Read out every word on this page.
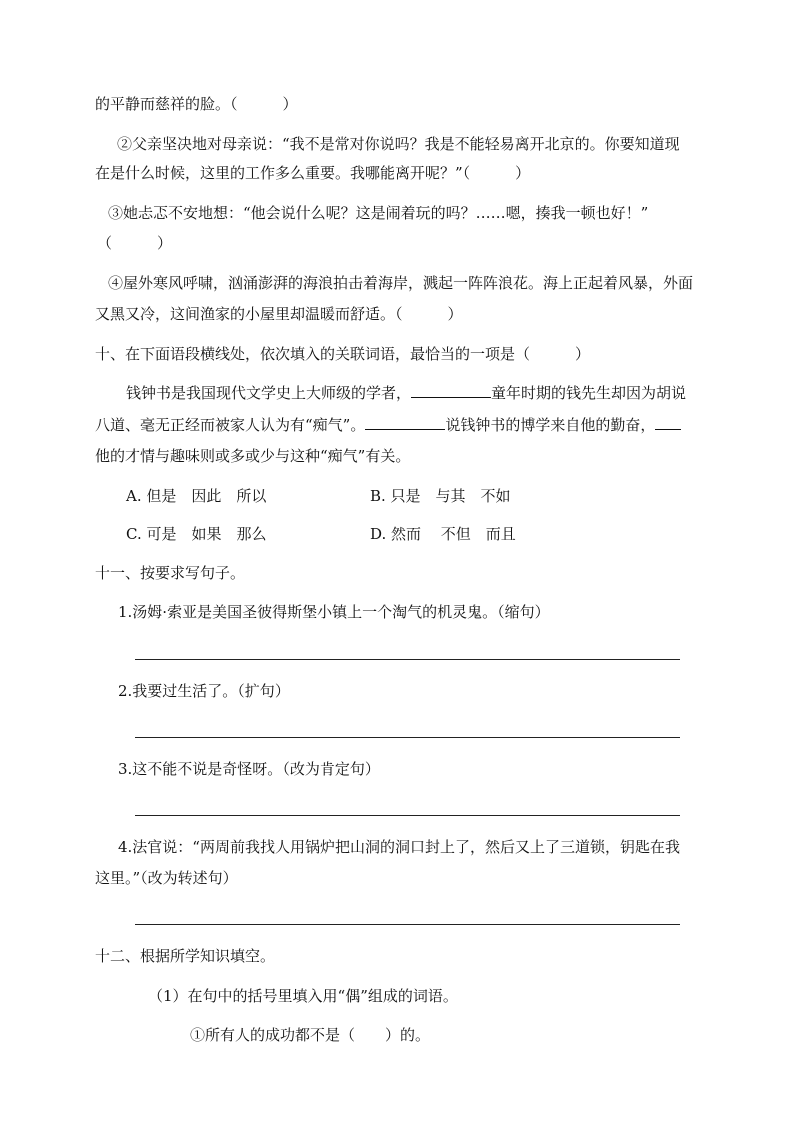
的平静而慈祥的脸。（　　　）
②父亲坚决地对母亲说：“我不是常对你说吗？我是不能轻易离开北京的。你要知道现
在是什么时候，这里的工作多么重要。我哪能离开呢？”（　　　）
③她忐忑不安地想：“他会说什么呢？这是闹着玩的吗？……嗯，揍我一顿也好！”
（　　　）
④屋外寒风呼啸，汹涌澎湃的海浪拍击着海岸，溅起一阵阵浪花。海上正起着风暴，外面
又黑又冷，这间渔家的小屋里却温暖而舒适。（　　　）
十、在下面语段横线处，依次填入的关联词语，最恰当的一项是（　　　）
钱钟书是我国现代文学史上大师级的学者，	童年时期的钱先生却因为胡说
八道、毫无正经而被家人认为有“痴气”。	说钱钟书的博学来自他的勤奋，
他的才情与趣味则或多或少与这种“痴气”有关。
A. 但是　因此　所以	B. 只是　与其　不如
C. 可是　如果　那么	D. 然而　 不但　而且
十一、按要求写句子。
1.汤姆·索亚是美国圣彼得斯堡小镇上一个淘气的机灵鬼。（缩句）
2.我要过生活了。（扩句）
3.这不能不说是奇怪呀。（改为肯定句）
4.法官说：“两周前我找人用锅炉把山洞的洞口封上了，然后又上了三道锁，钥匙在我
这里。”（改为转述句）
十二、根据所学知识填空。
（1）在句中的括号里填入用“偶”组成的词语。
①所有人的成功都不是（　　）的。
